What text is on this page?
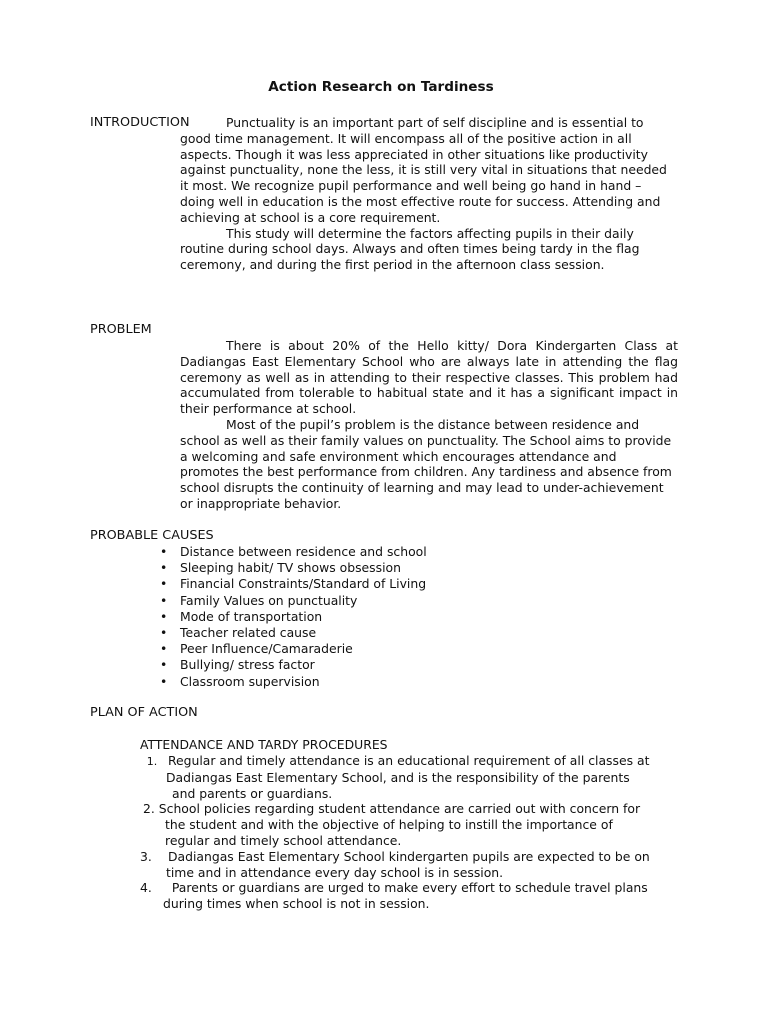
Action Research on Tardiness
INTRODUCTION	Punctuality is an important part of self discipline and is essential to good time management. It will encompass all of the positive action in all aspects. Though it was less appreciated in other situations like productivity against punctuality, none the less, it is still very vital in situations that needed it most. We recognize pupil performance and well being go hand in hand – doing well in education is the most effective route for success. Attending and achieving at school is a core requirement.

This study will determine the factors affecting pupils in their daily routine during school days. Always and often times being tardy in the flag ceremony, and during the first period in the afternoon class session.

PROBLEM

There is about 20% of the Hello kitty/ Dora Kindergarten Class at Dadiangas East Elementary School who are always late in attending the flag ceremony as well as in attending to their respective classes. This problem had accumulated from tolerable to habitual state and it has a significant impact in their performance at school.

Most of the pupil’s problem is the distance between residence and school as well as their family values on punctuality. The School aims to provide a welcoming and safe environment which encourages attendance and promotes the best performance from children. Any tardiness and absence from school disrupts the continuity of learning and may lead to under-achievement or inappropriate behavior.

PROBABLE CAUSES
• Distance between residence and school
• Sleeping habit/ TV shows obsession
• Financial Constraints/Standard of Living
• Family Values on punctuality
• Mode of transportation
• Teacher related cause
• Peer Influence/Camaraderie
• Bullying/ stress factor
• Classroom supervision
PLAN OF ACTION
ATTENDANCE AND TARDY PROCEDURES
1. Regular and timely attendance is an educational requirement of all classes at
Dadiangas East Elementary School, and is the responsibility of the parents
and parents or guardians.
2. School policies regarding student attendance are carried out with concern for
the student and with the objective of helping to instill the importance of
regular and timely school attendance.
3. Dadiangas East Elementary School kindergarten pupils are expected to be on
time and in attendance every day school is in session.
4. Parents or guardians are urged to make every effort to schedule travel plans
during times when school is not in session.
